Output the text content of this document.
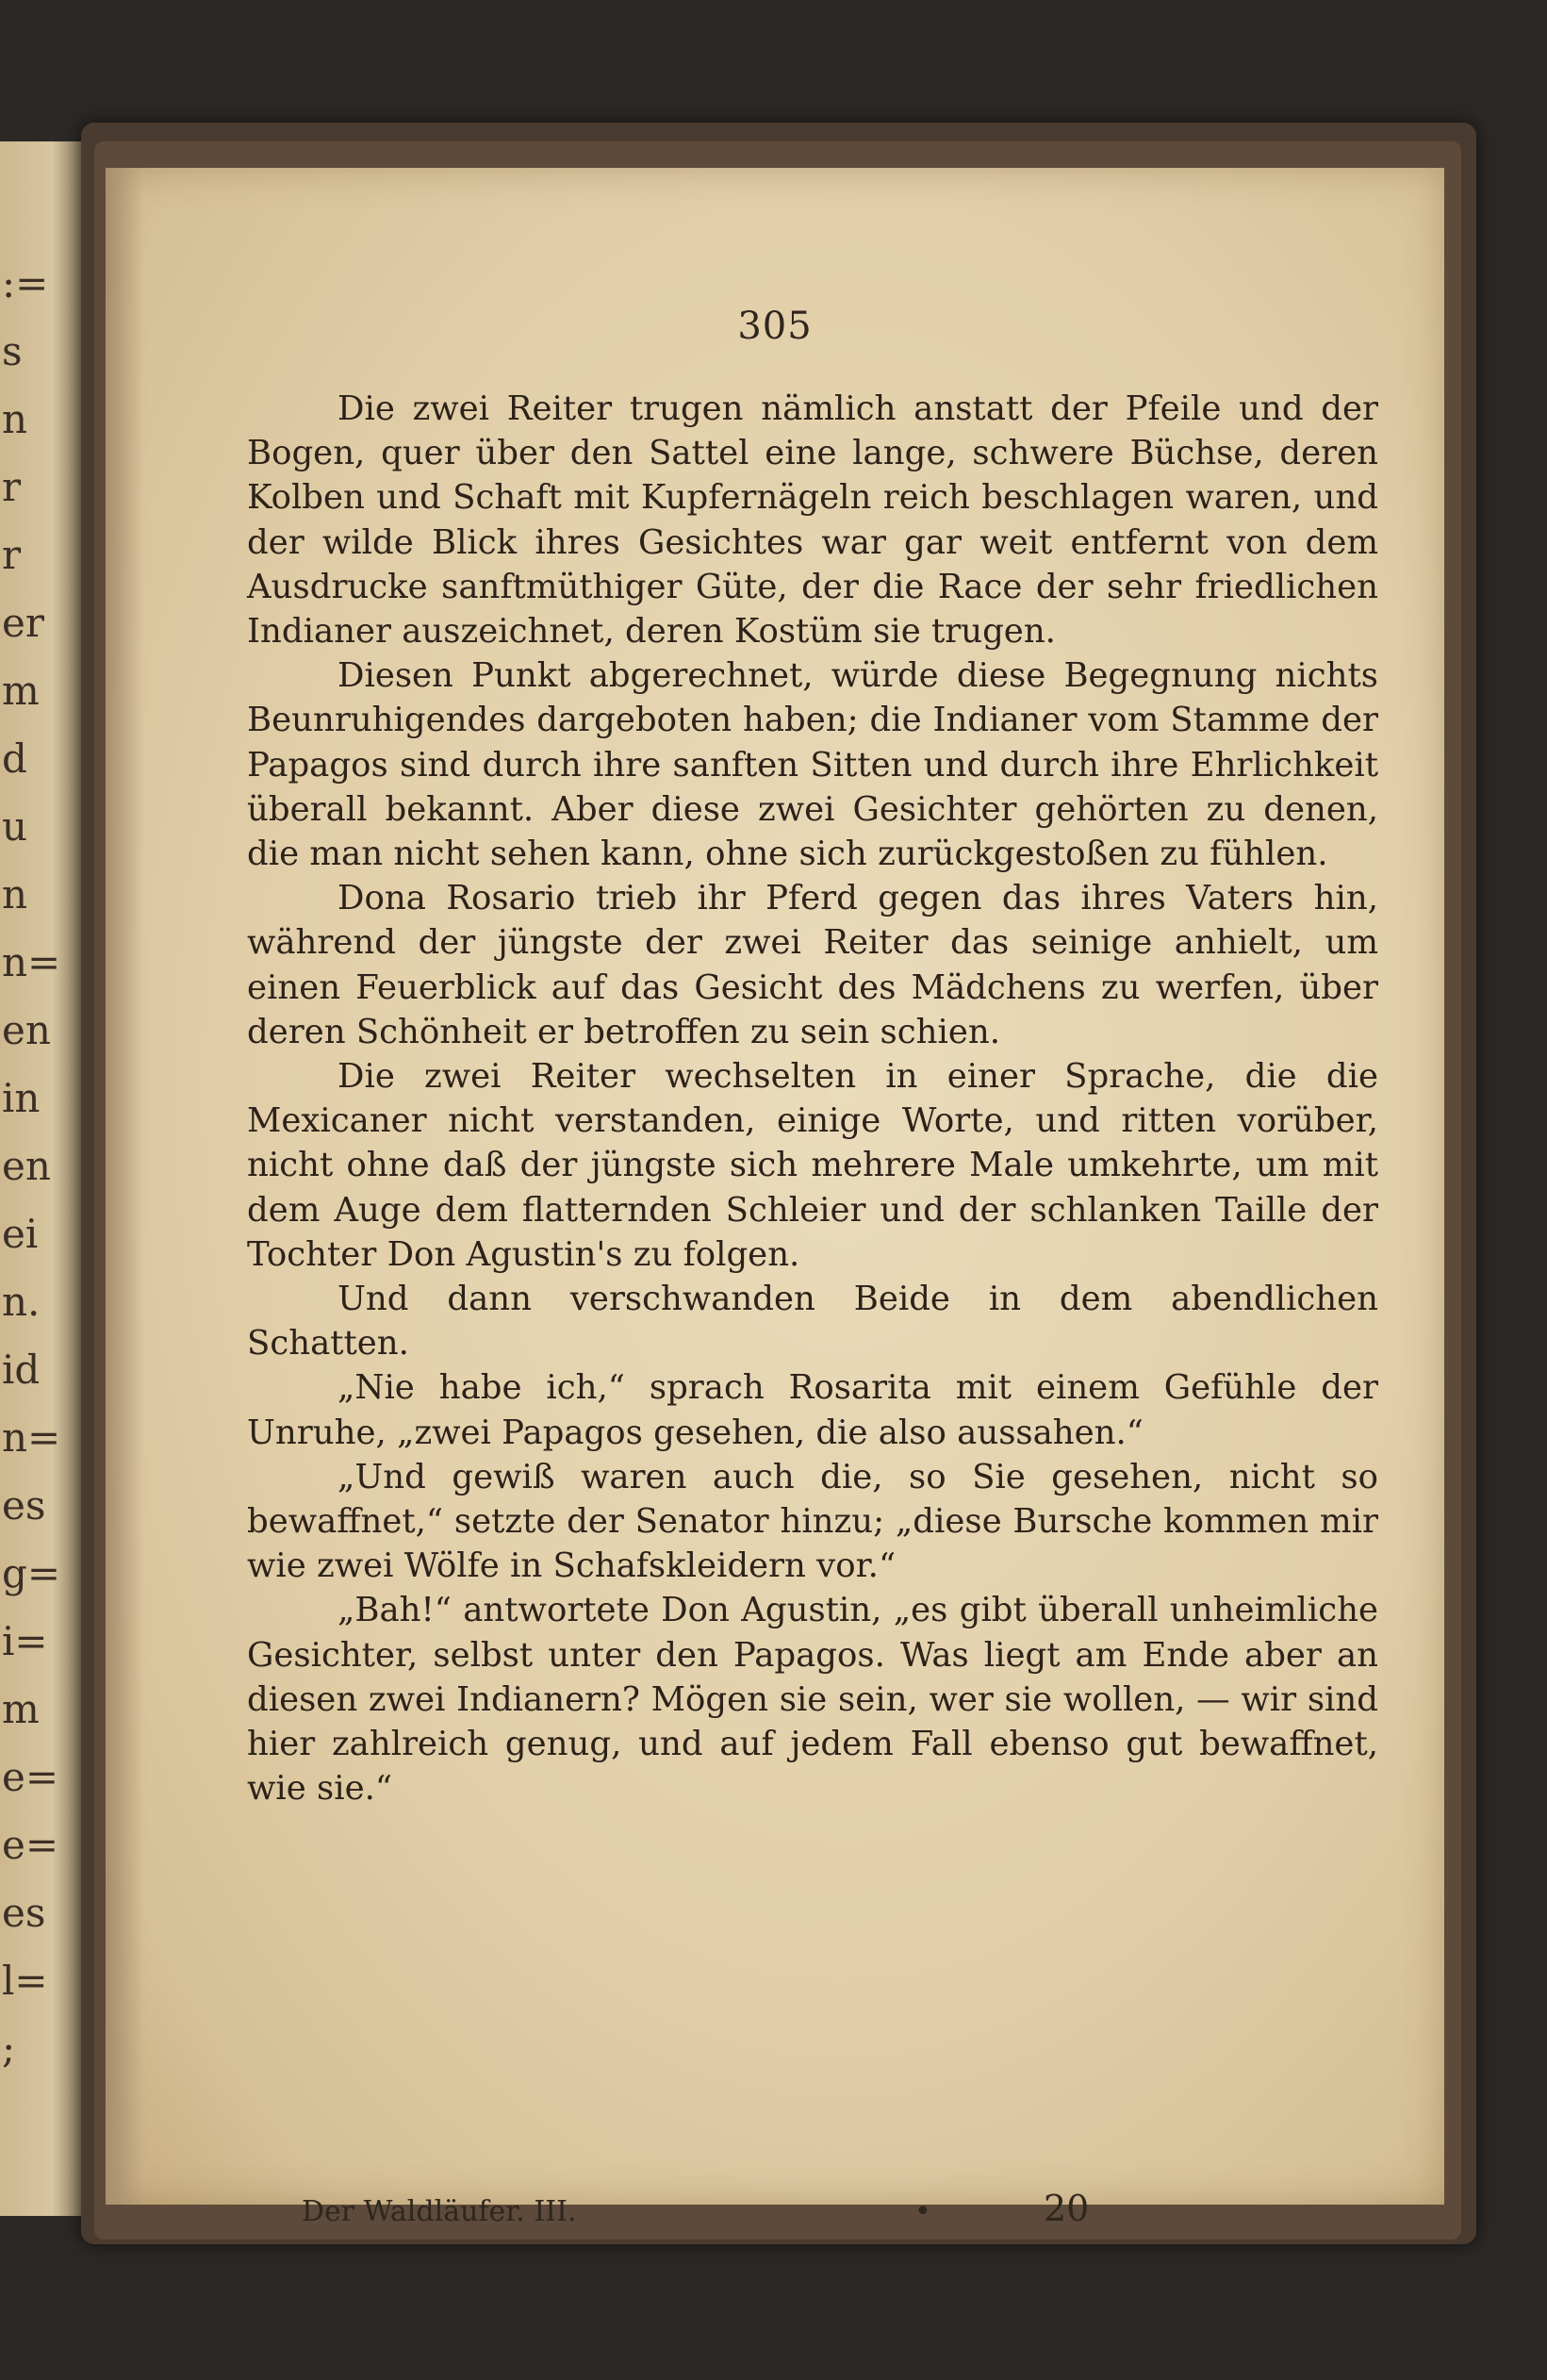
:=
s
n
r
r
er
m
d
u
n
n=
en
in
en
ei
n.
id
n=
es
g=
i=
m
e=
e=
es
l=
;
305

Die zwei Reiter trugen nämlich anstatt der Pfeile und der Bogen, quer über den Sattel eine lange, schwere Büchse, deren Kolben und Schaft mit Kupfernägeln reich beschlagen waren, und der wilde Blick ihres Gesichtes war gar weit entfernt von dem Ausdrucke sanftmüthiger Güte, der die Race der sehr friedlichen Indianer auszeichnet, deren Kostüm sie trugen.

Diesen Punkt abgerechnet, würde diese Begegnung nichts Beunruhigendes dargeboten haben; die Indianer vom Stamme der Papagos sind durch ihre sanften Sitten und durch ihre Ehrlichkeit überall bekannt. Aber diese zwei Gesichter gehörten zu denen, die man nicht sehen kann, ohne sich zurückgestoßen zu fühlen.

Dona Rosario trieb ihr Pferd gegen das ihres Vaters hin, während der jüngste der zwei Reiter das seinige anhielt, um einen Feuerblick auf das Gesicht des Mädchens zu werfen, über deren Schönheit er betroffen zu sein schien.

Die zwei Reiter wechselten in einer Sprache, die die Mexicaner nicht verstanden, einige Worte, und ritten vorüber, nicht ohne daß der jüngste sich mehrere Male umkehrte, um mit dem Auge dem flatternden Schleier und der schlanken Taille der Tochter Don Agustin's zu folgen.

Und dann verschwanden Beide in dem abendlichen Schatten.

„Nie habe ich,“ sprach Rosarita mit einem Gefühle der Unruhe, „zwei Papagos gesehen, die also aussahen.“

„Und gewiß waren auch die, so Sie gesehen, nicht so bewaffnet,“ setzte der Senator hinzu; „diese Bursche kommen mir wie zwei Wölfe in Schafskleidern vor.“

„Bah!“ antwortete Don Agustin, „es gibt überall unheimliche Gesichter, selbst unter den Papagos. Was liegt am Ende aber an diesen zwei Indianern? Mögen sie sein, wer sie wollen, — wir sind hier zahlreich genug, und auf jedem Fall ebenso gut bewaffnet, wie sie.“

Der Waldläufer. III.	•	20
